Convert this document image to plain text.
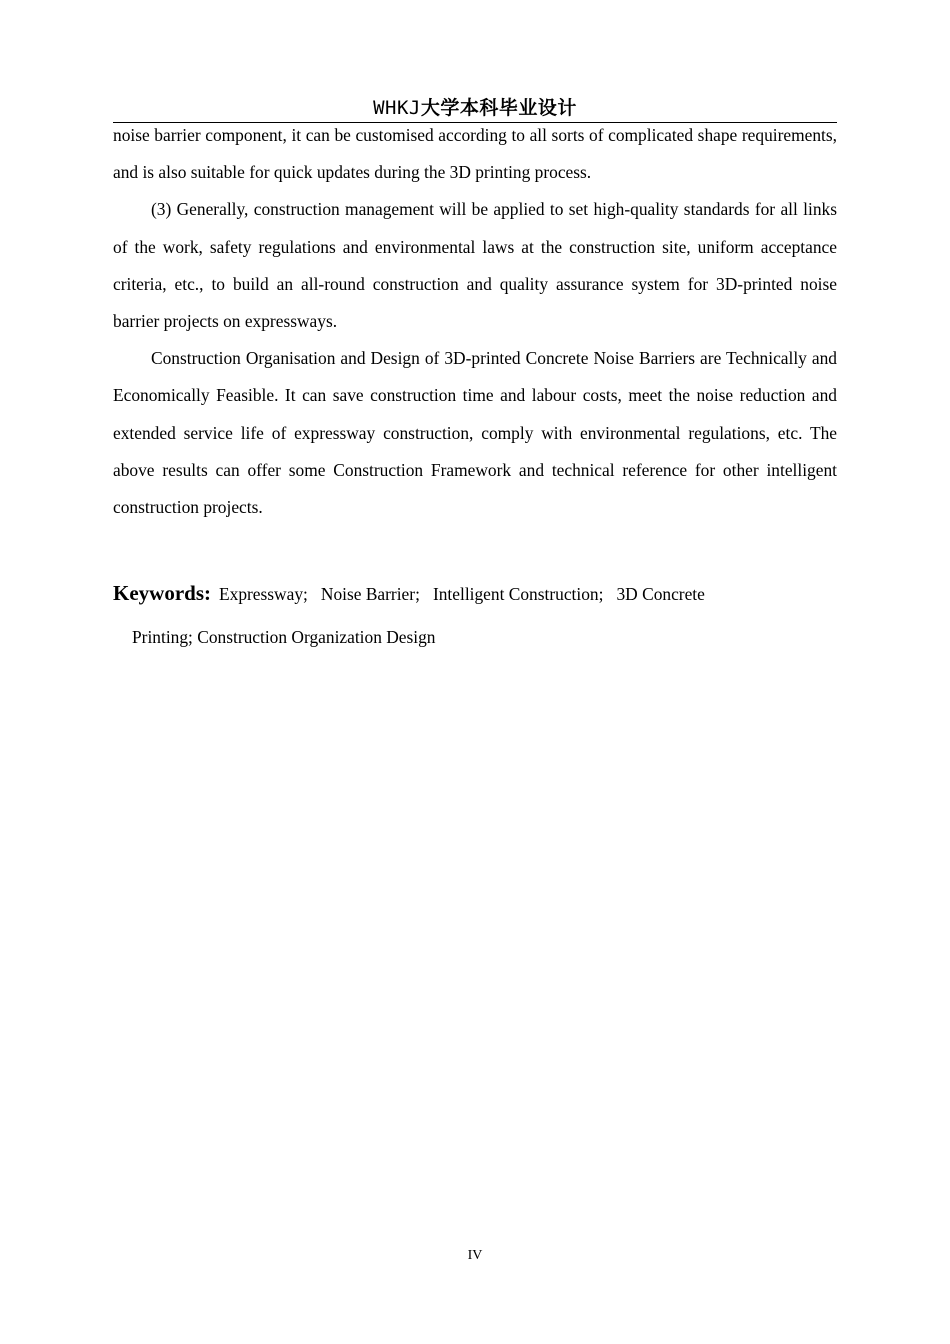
WHKJ大学本科毕业设计

noise barrier component, it can be customised according to all sorts of complicated shape requirements, and is also suitable for quick updates during the 3D printing process.

(3) Generally, construction management will be applied to set high-quality standards for all links of the work, safety regulations and environmental laws at the construction site, uniform acceptance criteria, etc., to build an all-round construction and quality assurance system for 3D-printed noise barrier projects on expressways.

Construction Organisation and Design of 3D-printed Concrete Noise Barriers are Technically and Economically Feasible. It can save construction time and labour costs, meet the noise reduction and extended service life of expressway construction, comply with environmental regulations, etc. The above results can offer some Construction Framework and technical reference for other intelligent construction projects.

Keywords: Expressway;   Noise Barrier;   Intelligent Construction;   3D Concrete
Printing; Construction Organization Design
IV
